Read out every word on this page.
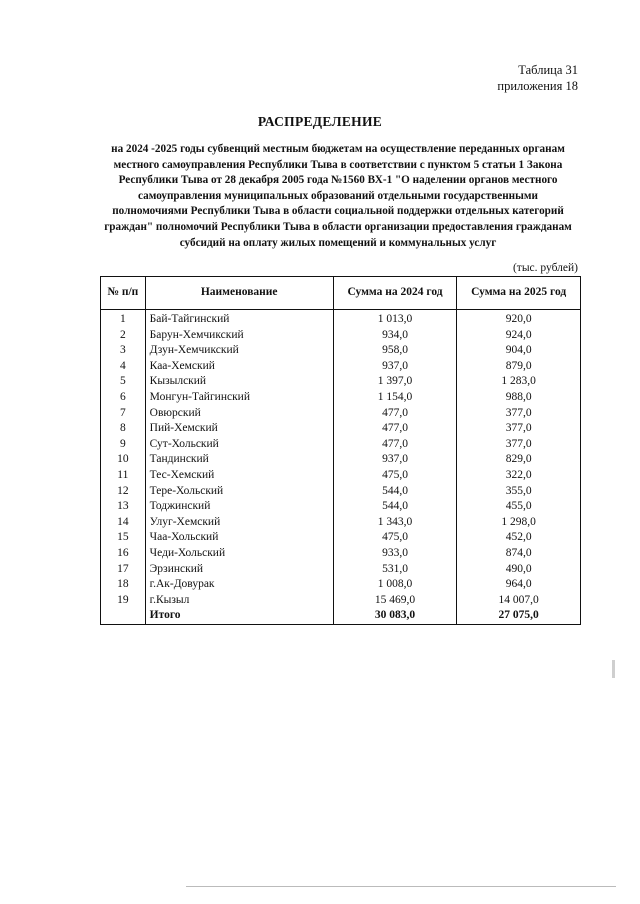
Таблица 31
приложения 18
РАСПРЕДЕЛЕНИЕ
на 2024 -2025 годы субвенций местным бюджетам на осуществление переданных органам
местного самоуправления Республики Тыва в соответствии с пунктом 5 статьи 1 Закона
Республики Тыва от 28 декабря 2005 года №1560 ВХ-1 "О наделении органов местного
самоуправления муниципальных образований отдельными государственными
полномочиями Республики Тыва в области социальной поддержки отдельных категорий
граждан" полномочий Республики Тыва в области организации предоставления гражданам
субсидий на оплату жилых помещений и коммунальных услуг
(тыс. рублей)
№ п/п	Наименование	Сумма на 2024 год	Сумма на 2025 год
1	Бай-Тайгинский	1 013,0	920,0
2	Барун-Хемчикский	934,0	924,0
3	Дзун-Хемчикский	958,0	904,0
4	Каа-Хемский	937,0	879,0
5	Кызылский	1 397,0	1 283,0
6	Монгун-Тайгинский	1 154,0	988,0
7	Овюрский	477,0	377,0
8	Пий-Хемский	477,0	377,0
9	Сут-Хольский	477,0	377,0
10	Тандинский	937,0	829,0
11	Тес-Хемский	475,0	322,0
12	Тере-Хольский	544,0	355,0
13	Тоджинский	544,0	455,0
14	Улуг-Хемский	1 343,0	1 298,0
15	Чаа-Хольский	475,0	452,0
16	Чеди-Хольский	933,0	874,0
17	Эрзинский	531,0	490,0
18	г.Ак-Довурак	1 008,0	964,0
19	г.Кызыл	15 469,0	14 007,0
	Итого	30 083,0	27 075,0
